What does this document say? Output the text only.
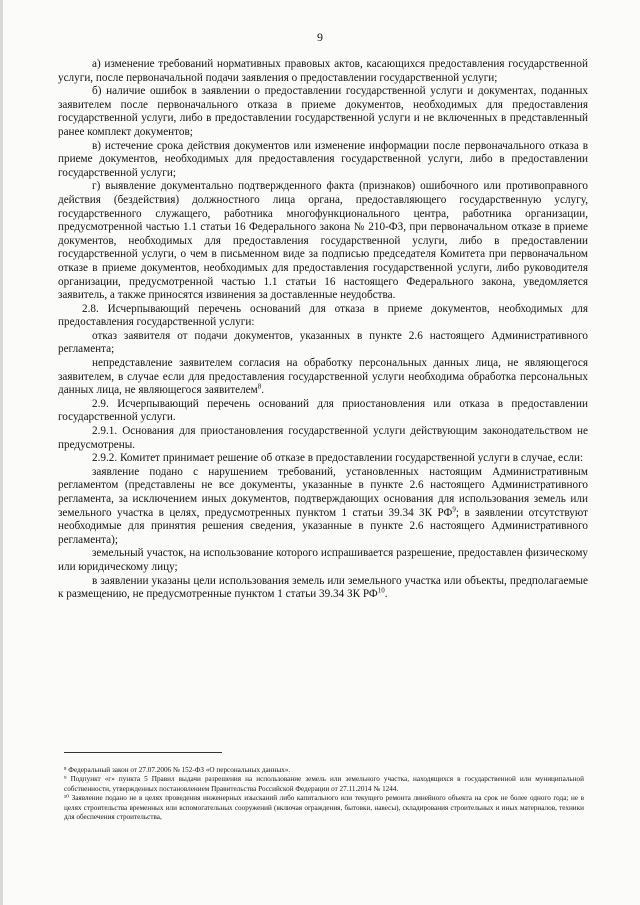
9

а) изменение требований нормативных правовых актов, касающихся предоставления государственной услуги, после первоначальной подачи заявления о предоставлении государственной услуги;

б) наличие ошибок в заявлении о предоставлении государственной услуги и документах, поданных заявителем после первоначального отказа в приеме документов, необходимых для предоставления государственной услуги, либо в предоставлении государственной услуги и не включенных в представленный ранее комплект документов;

в) истечение срока действия документов или изменение информации после первоначального отказа в приеме документов, необходимых для предоставления государственной услуги, либо в предоставлении государственной услуги;

г) выявление документально подтвержденного факта (признаков) ошибочного или противоправного действия (бездействия) должностного лица органа, предоставляющего государственную услугу, государственного служащего, работника многофункционального центра, работника организации, предусмотренной частью 1.1 статьи 16 Федерального закона № 210-ФЗ, при первоначальном отказе в приеме документов, необходимых для предоставления государственной услуги, либо в предоставлении государственной услуги, о чем в письменном виде за подписью председателя Комитета при первоначальном отказе в приеме документов, необходимых для предоставления государственной услуги, либо руководителя организации, предусмотренной частью 1.1 статьи 16 настоящего Федерального закона, уведомляется заявитель, а также приносятся извинения за доставленные неудобства.

2.8. Исчерпывающий перечень оснований для отказа в приеме документов, необходимых для предоставления государственной услуги:

отказ заявителя от подачи документов, указанных в пункте 2.6 настоящего Административного регламента;

непредставление заявителем согласия на обработку персональных данных лица, не являющегося заявителем, в случае если для предоставления государственной услуги необходима обработка персональных данных лица, не являющегося заявителем$^8$.

2.9. Исчерпывающий перечень оснований для приостановления или отказа в предоставлении государственной услуги.

2.9.1. Основания для приостановления государственной услуги действующим законодательством не предусмотрены.

2.9.2. Комитет принимает решение об отказе в предоставлении государственной услуги в случае, если:

заявление подано с нарушением требований, установленных настоящим Административным регламентом (представлены не все документы, указанные в пункте 2.6 настоящего Административного регламента, за исключением иных документов, подтверждающих основания для использования земель или земельного участка в целях, предусмотренных пунктом 1 статьи 39.34 ЗК $РФ^9$; в заявлении отсутствуют необходимые для принятия решения сведения, указанные в пункте 2.6 настоящего Административного регламента);

земельный участок, на использование которого испрашивается разрешение, предоставлен физическому или юридическому лицу;

в заявлении указаны цели использования земель или земельного участка или объекты, предполагаемые к размещению, не предусмотренные пунктом 1 статьи 39.34 ЗК РФ$^{10}$.

⁸ Федеральный закон от 27.07.2006 № 152-ФЗ «О персональных данных».

⁹ Подпункт «г» пункта 5 Правил выдачи разрешения на использование земель или земельного участка, находящихся в государственной или муниципальной собственности, утвержденных постановлением Правительства Российской Федерации от 27.11.2014 № 1244.

¹⁰ Заявление подано не в целях проведения инженерных изысканий либо капитального или текущего ремонта линейного объекта на срок не более одного года; не в целях строительства временных или вспомогательных сооружений (включая ограждения, бытовки, навесы), складирования строительных и иных материалов, техники для обеспечения строительства,
